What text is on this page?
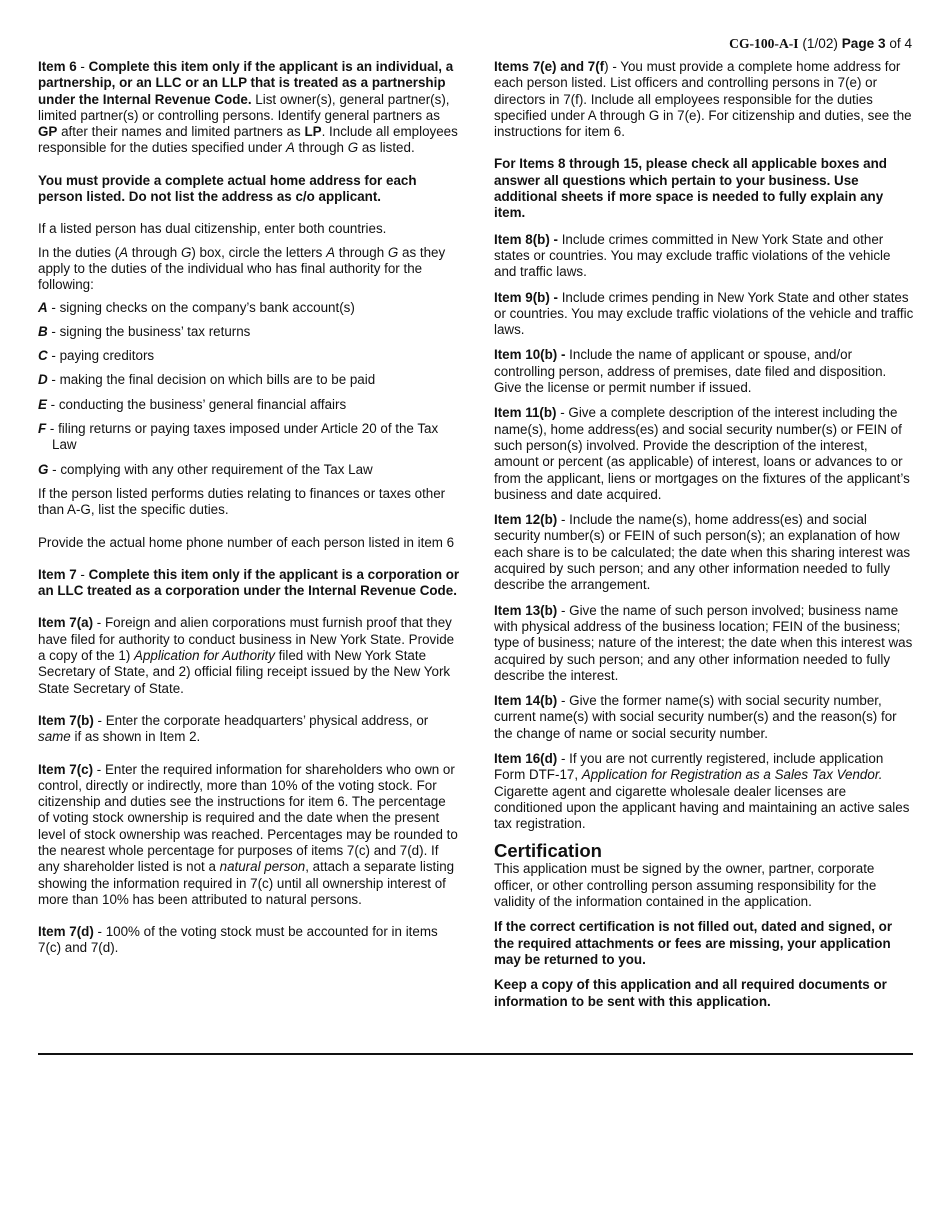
CG-100-A-I (1/02) Page 3 of 4

Item 6 - Complete this item only if the applicant is an individual, a partnership, or an LLC or an LLP that is treated as a partnership under the Internal Revenue Code. List owner(s), general partner(s), limited partner(s) or controlling persons. Identify general partners as GP after their names and limited partners as LP. Include all employees responsible for the duties specified under A through G as listed.

You must provide a complete actual home address for each person listed. Do not list the address as c/o applicant.

If a listed person has dual citizenship, enter both countries.

In the duties (A through G) box, circle the letters A through G as they apply to the duties of the individual who has final authority for the following:

A - signing checks on the company’s bank account(s)
B - signing the business’ tax returns
C - paying creditors
D - making the final decision on which bills are to be paid
E - conducting the business’ general financial affairs
F - filing returns or paying taxes imposed under Article 20 of the Tax Law
G - complying with any other requirement of the Tax Law

If the person listed performs duties relating to finances or taxes other than A-G, list the specific duties.

Provide the actual home phone number of each person listed in item 6

Item 7 - Complete this item only if the applicant is a corporation or an LLC treated as a corporation under the Internal Revenue Code.

Item 7(a) - Foreign and alien corporations must furnish proof that they have filed for authority to conduct business in New York State. Provide a copy of the 1) Application for Authority filed with New York State Secretary of State, and 2) official filing receipt issued by the New York State Secretary of State.

Item 7(b) - Enter the corporate headquarters’ physical address, or same if as shown in Item 2.

Item 7(c) - Enter the required information for shareholders who own or control, directly or indirectly, more than 10% of the voting stock. For citizenship and duties see the instructions for item 6. The percentage of voting stock ownership is required and the date when the present level of stock ownership was reached. Percentages may be rounded to the nearest whole percentage for purposes of items 7(c) and 7(d). If any shareholder listed is not a natural person, attach a separate listing showing the information required in 7(c) until all ownership interest of more than 10% has been attributed to natural persons.

Item 7(d) - 100% of the voting stock must be accounted for in items 7(c) and 7(d).

Items 7(e) and 7(f) - You must provide a complete home address for each person listed. List officers and controlling persons in 7(e) or directors in 7(f). Include all employees responsible for the duties specified under A through G in 7(e). For citizenship and duties, see the instructions for item 6.

For Items 8 through 15, please check all applicable boxes and answer all questions which pertain to your business. Use additional sheets if more space is needed to fully explain any item.

Item 8(b) - Include crimes committed in New York State and other states or countries. You may exclude traffic violations of the vehicle and traffic laws.

Item 9(b) - Include crimes pending in New York State and other states or countries. You may exclude traffic violations of the vehicle and traffic laws.

Item 10(b) - Include the name of applicant or spouse, and/or controlling person, address of premises, date filed and disposition. Give the license or permit number if issued.

Item 11(b) - Give a complete description of the interest including the name(s), home address(es) and social security number(s) or FEIN of such person(s) involved. Provide the description of the interest, amount or percent (as applicable) of interest, loans or advances to or from the applicant, liens or mortgages on the fixtures of the applicant’s business and date acquired.

Item 12(b) - Include the name(s), home address(es) and social security number(s) or FEIN of such person(s); an explanation of how each share is to be calculated; the date when this sharing interest was acquired by such person; and any other information needed to fully describe the arrangement.

Item 13(b) - Give the name of such person involved; business name with physical address of the business location; FEIN of the business; type of business; nature of the interest; the date when this interest was acquired by such person; and any other information needed to fully describe the interest.

Item 14(b) - Give the former name(s) with social security number, current name(s) with social security number(s) and the reason(s) for the change of name or social security number.

Item 16(d) - If you are not currently registered, include application Form DTF-17, Application for Registration as a Sales Tax Vendor. Cigarette agent and cigarette wholesale dealer licenses are conditioned upon the applicant having and maintaining an active sales tax registration.

Certification

This application must be signed by the owner, partner, corporate officer, or other controlling person assuming responsibility for the validity of the information contained in the application.

If the correct certification is not filled out, dated and signed, or the required attachments or fees are missing, your application may be returned to you.

Keep a copy of this application and all required documents or information to be sent with this application.
